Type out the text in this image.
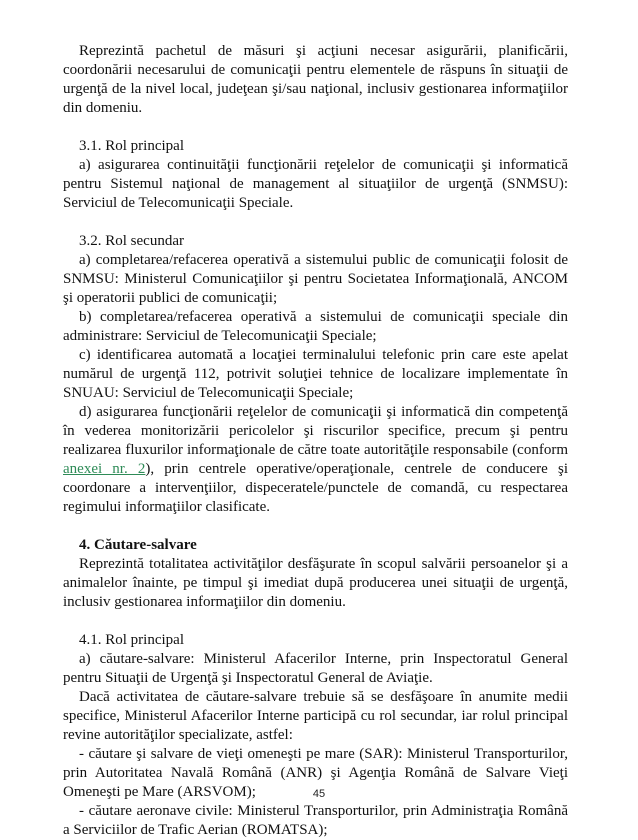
Reprezintă pachetul de măsuri şi acţiuni necesar asigurării, planificării, coordonării necesarului de comunicaţii pentru elementele de răspuns în situaţii de urgenţă de la nivel local, judeţean şi/sau naţional, inclusiv gestionarea informaţiilor din domeniu.

3.1. Rol principal

a) asigurarea continuităţii funcţionării reţelelor de comunicaţii şi informatică pentru Sistemul naţional de management al situaţiilor de urgenţă (SNMSU): Serviciul de Telecomunicaţii Speciale.

3.2. Rol secundar

a) completarea/refacerea operativă a sistemului public de comunicaţii folosit de SNMSU: Ministerul Comunicaţiilor şi pentru Societatea Informaţională, ANCOM şi operatorii publici de comunicaţii;

b) completarea/refacerea operativă a sistemului de comunicaţii speciale din administrare: Serviciul de Telecomunicaţii Speciale;

c) identificarea automată a locaţiei terminalului telefonic prin care este apelat numărul de urgenţă 112, potrivit soluţiei tehnice de localizare implementate în SNUAU: Serviciul de Telecomunicaţii Speciale;

d) asigurarea funcţionării reţelelor de comunicaţii şi informatică din competenţă în vederea monitorizării pericolelor şi riscurilor specifice, precum şi pentru realizarea fluxurilor informaţionale de către toate autorităţile responsabile (conform anexei nr. 2), prin centrele operative/operaţionale, centrele de conducere şi coordonare a intervenţiilor, dispeceratele/punctele de comandă, cu respectarea regimului informaţiilor clasificate.

4. Căutare-salvare

Reprezintă totalitatea activităţilor desfăşurate în scopul salvării persoanelor şi a animalelor înainte, pe timpul şi imediat după producerea unei situaţii de urgenţă, inclusiv gestionarea informaţiilor din domeniu.

4.1. Rol principal

a) căutare-salvare: Ministerul Afacerilor Interne, prin Inspectoratul General pentru Situaţii de Urgenţă şi Inspectoratul General de Aviaţie.

Dacă activitatea de căutare-salvare trebuie să se desfăşoare în anumite medii specifice, Ministerul Afacerilor Interne participă cu rol secundar, iar rolul principal revine autorităţilor specializate, astfel:

- căutare şi salvare de vieţi omeneşti pe mare (SAR): Ministerul Transporturilor, prin Autoritatea Navală Română (ANR) şi Agenţia Română de Salvare Vieţi Omeneşti pe Mare (ARSVOM);

- căutare aeronave civile: Ministerul Transporturilor, prin Administraţia Română a Serviciilor de Trafic Aerian (ROMATSA);

45
